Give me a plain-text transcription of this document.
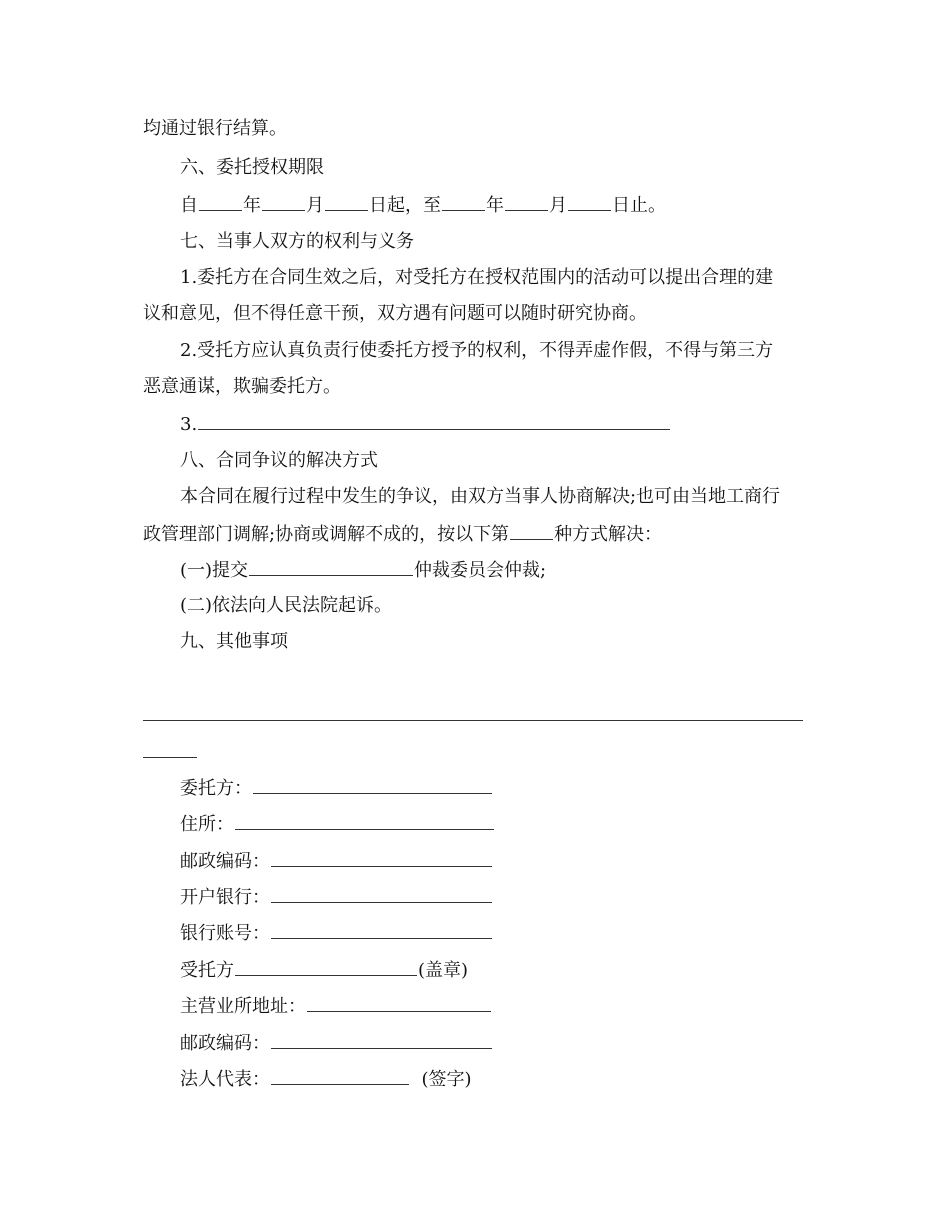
均通过银行结算。
六、委托授权期限
自	年	月	日起，至	年	月	日止。
七、当事人双方的权利与义务
1.委托方在合同生效之后，对受托方在授权范围内的活动可以提出合理的建
议和意见，但不得任意干预，双方遇有问题可以随时研究协商。
2.受托方应认真负责行使委托方授予的权利，不得弄虚作假，不得与第三方
恶意通谋，欺骗委托方。
3.
八、合同争议的解决方式
本合同在履行过程中发生的争议，由双方当事人协商解决;也可由当地工商行
政管理部门调解;协商或调解不成的，按以下第	种方式解决：
(一)提交	仲裁委员会仲裁;
(二)依法向人民法院起诉。
九、其他事项
委托方：
住所：
邮政编码：
开户银行：
银行账号：
受托方	(盖章)
主营业所地址：
邮政编码：
法人代表：	(签字)
